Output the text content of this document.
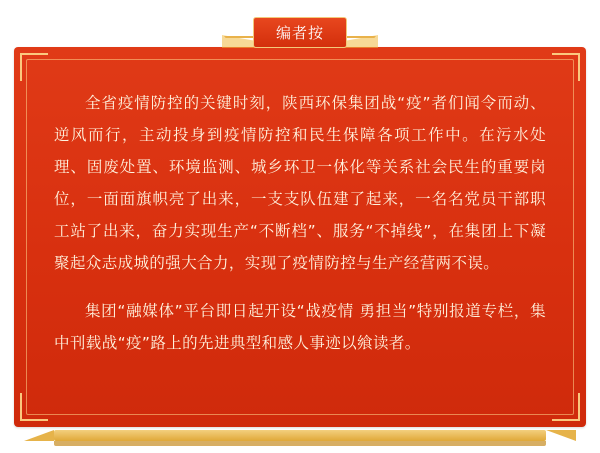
编者按

全省疫情防控的关键时刻，陕西环保集团战“疫”者们闻令而动、逆风而行，主动投身到疫情防控和民生保障各项工作中。在污水处理、固废处置、环境监测、城乡环卫一体化等关系社会民生的重要岗位，一面面旗帜亮了出来，一支支队伍建了起来，一名名党员干部职工站了出来，奋力实现生产“不断档”、服务“不掉线”，在集团上下凝聚起众志成城的强大合力，实现了疫情防控与生产经营两不误。

集团“融媒体”平台即日起开设“战疫情 勇担当”特别报道专栏，集中刊载战“疫”路上的先进典型和感人事迹以飨读者。
